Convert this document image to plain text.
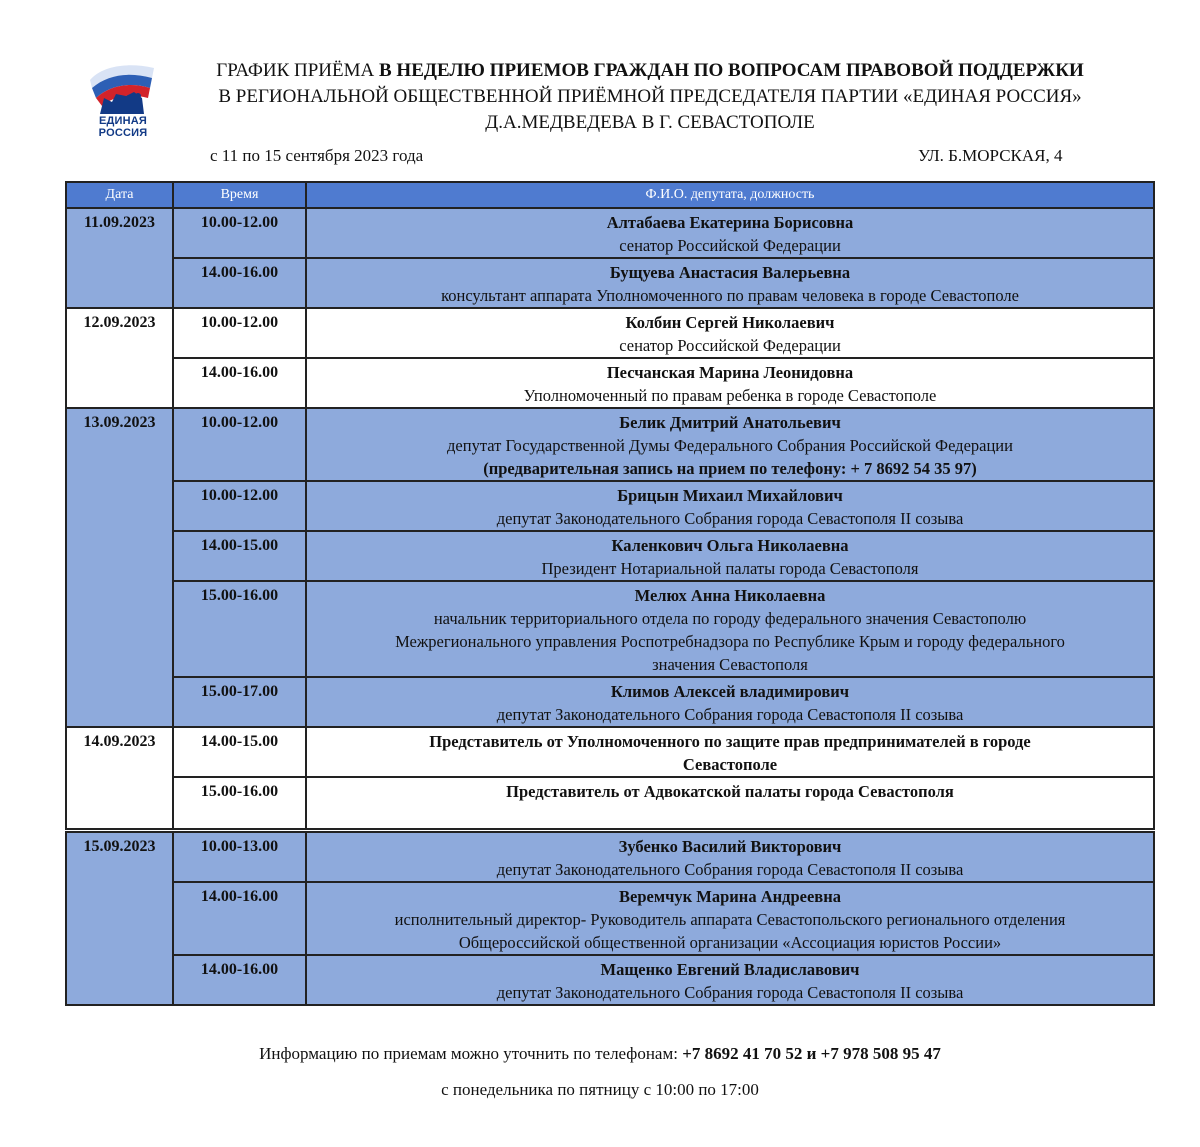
ЕДИНАЯ РОССИЯ
ГРАФИК ПРИЁМА В НЕДЕЛЮ ПРИЕМОВ ГРАЖДАН ПО ВОПРОСАМ ПРАВОВОЙ ПОДДЕРЖКИ
В РЕГИОНАЛЬНОЙ ОБЩЕСТВЕННОЙ ПРИЁМНОЙ ПРЕДСЕДАТЕЛЯ ПАРТИИ «ЕДИНАЯ РОССИЯ»
Д.А.МЕДВЕДЕВА В Г. СЕВАСТОПОЛЕ
с 11 по 15 сентября 2023 года	УЛ. Б.МОРСКАЯ, 4
Дата	Время	Ф.И.О. депутата, должность
11.09.2023	10.00-12.00	Алтабаева Екатерина Борисовна
сенатор Российской Федерации

	14.00-16.00	Бущуева Анастасия Валерьевна
консультант аппарата Уполномоченного по правам человека в городе Севастополе

12.09.2023	10.00-12.00	Колбин Сергей Николаевич
сенатор Российской Федерации

	14.00-16.00	Песчанская Марина Леонидовна
Уполномоченный по правам ребенка в городе Севастополе

13.09.2023	10.00-12.00	Белик Дмитрий Анатольевич
депутат Государственной Думы Федерального Собрания Российской Федерации
(предварительная запись на прием по телефону: + 7 8692 54 35 97)

	10.00-12.00	Брицын Михаил Михайлович
депутат Законодательного Собрания города Севастополя II созыва

	14.00-15.00	Каленкович Ольга Николаевна
Президент Нотариальной палаты города Севастополя

	15.00-16.00	Мелюх Анна Николаевна
начальник территориального отдела по городу федерального значения Севастополю
Межрегионального управления Роспотребнадзора по Республике Крым и городу федерального
значения Севастополя

	15.00-17.00	Климов Алексей владимирович
депутат Законодательного Собрания города Севастополя II созыва

14.09.2023	14.00-15.00	Представитель от Уполномоченного по защите прав предпринимателей в городе
Севастополе

	15.00-16.00	Представитель от Адвокатской палаты города Севастополя

15.09.2023	10.00-13.00	Зубенко Василий Викторович
депутат Законодательного Собрания города Севастополя II созыва

	14.00-16.00	Веремчук Марина Андреевна
исполнительный директор- Руководитель аппарата Севастопольского регионального отделения
Общероссийской общественной организации «Ассоциация юристов России»

	14.00-16.00	Мащенко Евгений Владиславович
депутат Законодательного Собрания города Севастополя II созыва
Информацию по приемам можно уточнить по телефонам: +7 8692 41 70 52 и +7 978 508 95 47
с понедельника по пятницу с 10:00 по 17:00
